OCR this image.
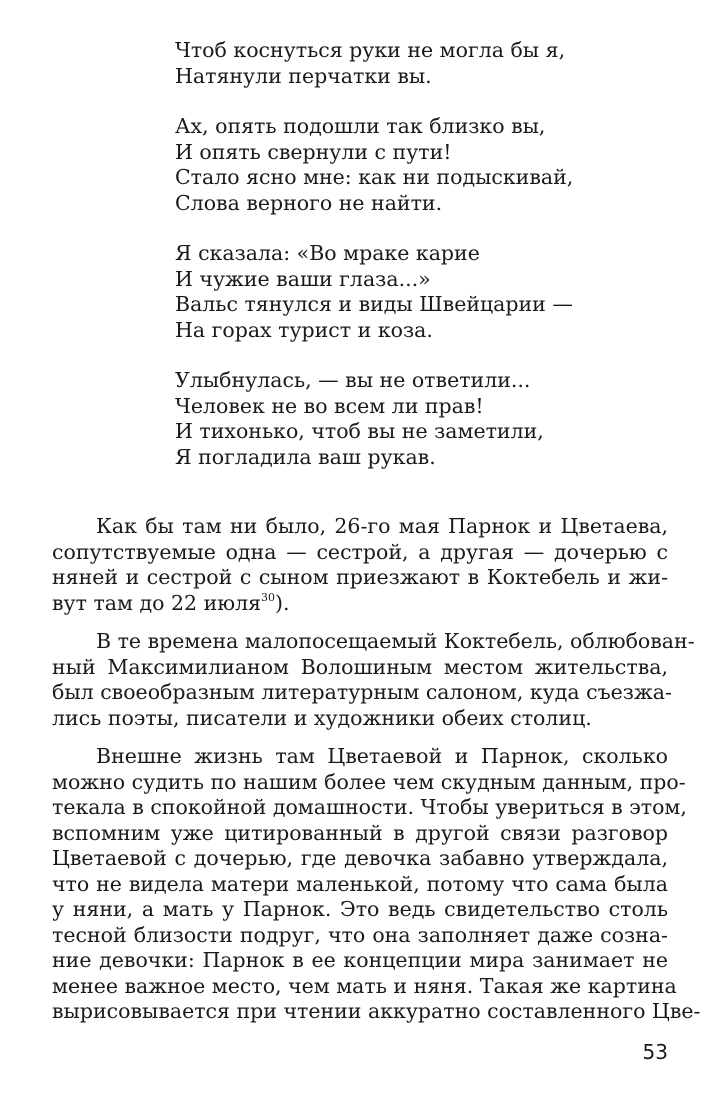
Чтоб коснуться руки не могла бы я,
Натянули перчатки вы.
Ах, опять подошли так близко вы,
И опять свернули с пути!
Стало ясно мне: как ни подыскивай,
Слова верного не найти.
Я сказала: «Во мраке карие
И чужие ваши глаза...»
Вальс тянулся и виды Швейцарии —
На горах турист и коза.
Улыбнулась, — вы не ответили...
Человек не во всем ли прав!
И тихонько, чтоб вы не заметили,
Я погладила ваш рукав.
Как бы там ни было, 26-го мая Парнок и Цветаева,
сопутствуемые одна — сестрой, а другая — дочерью с
няней и сестрой с сыном приезжают в Коктебель и жи-
вут там до 22 июля$^{30}$).
В те времена малопосещаемый Коктебель, облюбован-
ный Максимилианом Волошиным местом жительства,
был своеобразным литературным салоном, куда съезжа-
лись поэты, писатели и художники обеих столиц.
Внешне жизнь там Цветаевой и Парнок, сколько
можно судить по нашим более чем скудным данным, про-
текала в спокойной домашности. Чтобы увериться в этом,
вспомним уже цитированный в другой связи разговор
Цветаевой с дочерью, где девочка забавно утверждала,
что не видела матери маленькой, потому что сама была
у няни, а мать у Парнок. Это ведь свидетельство столь
тесной близости подруг, что она заполняет даже созна-
ние девочки: Парнок в ее концепции мира занимает не
менее важное место, чем мать и няня. Такая же картина
вырисовывается при чтении аккуратно составленного Цве-
53
